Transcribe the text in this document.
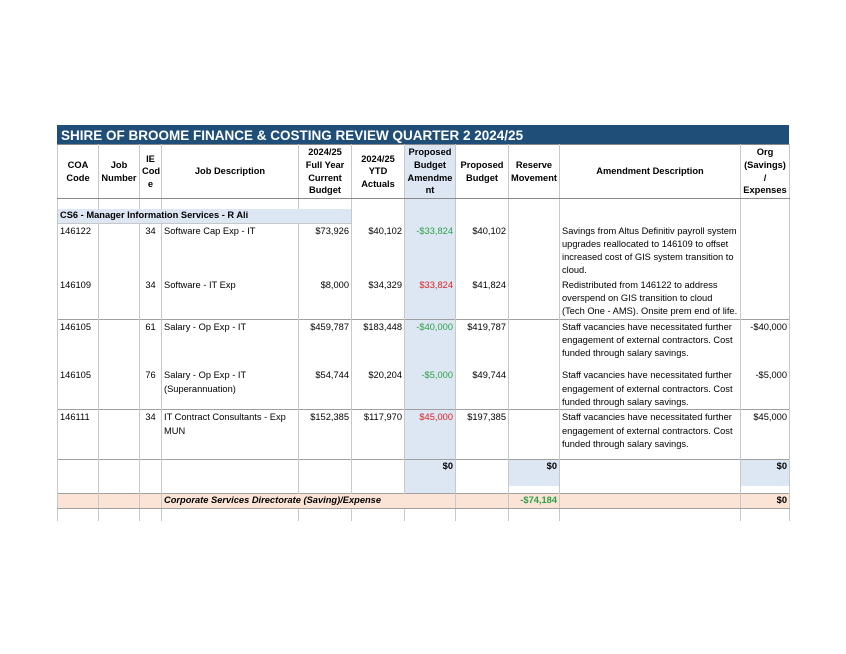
SHIRE OF BROOME FINANCE & COSTING REVIEW QUARTER 2 2024/25
COA
Code	Job
Number	IE
Cod
e	Job Description	2024/25
Full Year
Current
Budget	2024/25
YTD
Actuals	Proposed
Budget
Amendme
nt	Proposed
Budget	Reserve
Movement	Amendment Description	Org
(Savings) /
Expenses	

CS6 - Manager Information Services - R Ali											
146122		34	Software Cap Exp - IT	$73,926	$40,102	-$33,824	$40,102		Savings from Altus Definitiv payroll system
upgrades reallocated to 146109 to offset
increased cost of GIS system transition to
cloud.		
146109		34	Software - IT Exp	$8,000	$34,329	$33,824	$41,824		Redistributed from 146122 to address
overspend on GIS transition to cloud
(Tech One - AMS). Onsite prem end of life.		
146105		61	Salary - Op Exp - IT	$459,787	$183,448	-$40,000	$419,787		Staff vacancies have necessitated further
engagement of external contractors. Cost
funded through salary savings.	-$40,000	
146105		76	Salary - Op Exp - IT
(Superannuation)	$54,744	$20,204	-$5,000	$49,744		Staff vacancies have necessitated further
engagement of external contractors. Cost
funded through salary savings.	-$5,000	
146111		34	IT Contract Consultants - Exp
MUN	$152,385	$117,970	$45,000	$197,385		Staff vacancies have necessitated further
engagement of external contractors. Cost
funded through salary savings.	$45,000	
						$0		$0		$0	

			Corporate Services Directorate (Saving)/Expense					-$74,184		$0		
